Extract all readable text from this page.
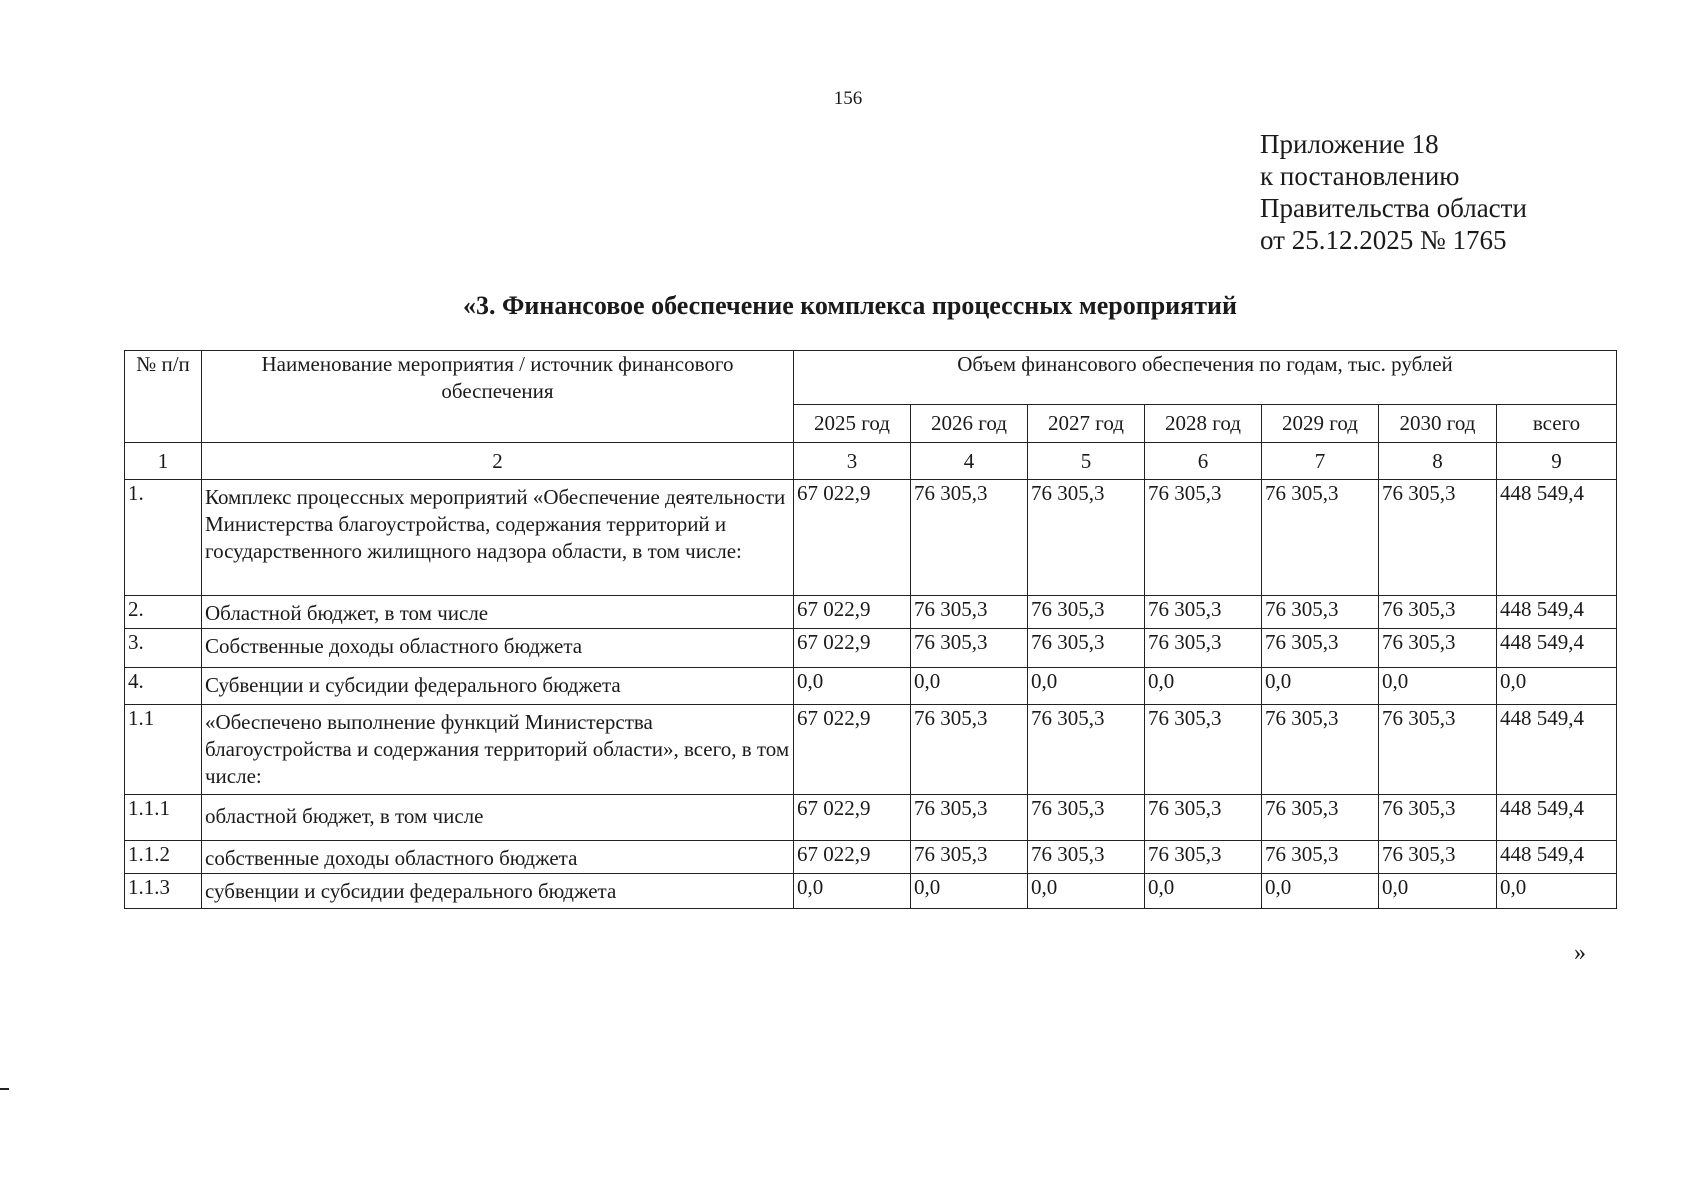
156
Приложение 18
к постановлению
Правительства области
от 25.12.2025 № 1765
«3. Финансовое обеспечение комплекса процессных мероприятий
№ п/п	Наименование мероприятия / источник финансового обеспечения	Объем финансового обеспечения по годам, тыс. рублей						
		2025 год	2026 год	2027 год	2028 год	2029 год	2030 год	всего
1	2	3	4	5	6	7	8	9
1.	Комплекс процессных мероприятий «Обеспечение деятельности Министерства благоустройства, содержания территорий и государственного жилищного надзора области, в том числе:	67 022,9	76 305,3	76 305,3	76 305,3	76 305,3	76 305,3	448 549,4
2.	Областной бюджет, в том числе	67 022,9	76 305,3	76 305,3	76 305,3	76 305,3	76 305,3	448 549,4
3.	Собственные доходы областного бюджета	67 022,9	76 305,3	76 305,3	76 305,3	76 305,3	76 305,3	448 549,4
4.	Субвенции и субсидии федерального бюджета	0,0	0,0	0,0	0,0	0,0	0,0	0,0
1.1	«Обеспечено выполнение функций Министерства благоустройства и содержания территорий области», всего, в том числе:	67 022,9	76 305,3	76 305,3	76 305,3	76 305,3	76 305,3	448 549,4
1.1.1	областной бюджет, в том числе	67 022,9	76 305,3	76 305,3	76 305,3	76 305,3	76 305,3	448 549,4
1.1.2	собственные доходы областного бюджета	67 022,9	76 305,3	76 305,3	76 305,3	76 305,3	76 305,3	448 549,4
1.1.3	субвенции и субсидии федерального бюджета	0,0	0,0	0,0	0,0	0,0	0,0	0,0
»
